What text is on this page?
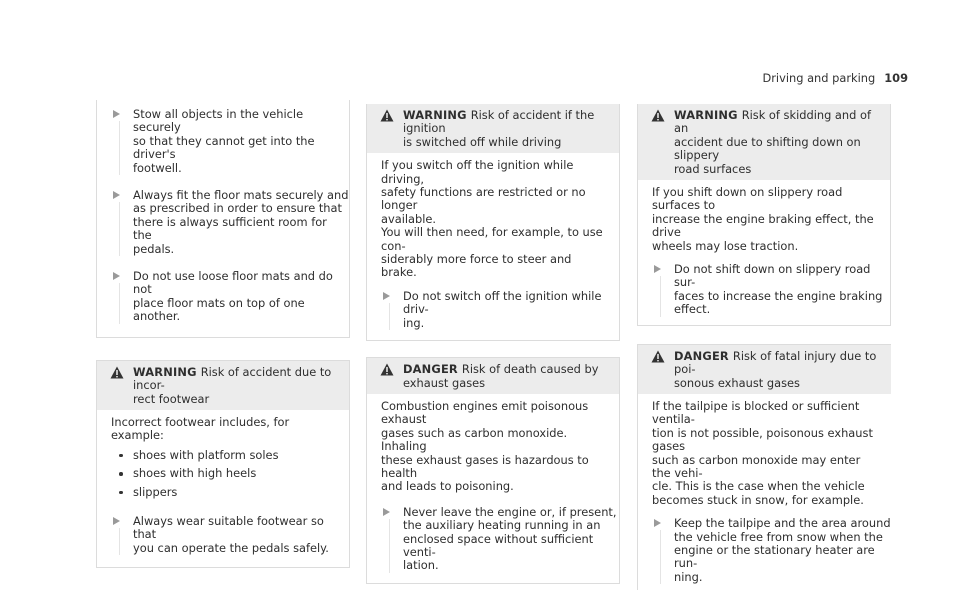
Driving and parking 109

Stow all objects in the vehicle securely

so that they cannot get into the driver's

footwell.

Always fit the floor mats securely and

as prescribed in order to ensure that

there is always sufficient room for the

pedals.

Do not use loose floor mats and do not

place floor mats on top of one another.

WARNING Risk of accident due to incor-

rect footwear

Incorrect footwear includes, for example:

shoes with platform soles

shoes with high heels

slippers

Always wear suitable footwear so that

you can operate the pedals safely.

WARNING Risk of accident if the ignition

is switched off while driving

If you switch off the ignition while driving,

safety functions are restricted or no longer

available.

You will then need, for example, to use con-

siderably more force to steer and brake.

Do not switch off the ignition while driv-

ing.

DANGER Risk of death caused by

exhaust gases

Combustion engines emit poisonous exhaust

gases such as carbon monoxide. Inhaling

these exhaust gases is hazardous to health

and leads to poisoning.

Never leave the engine or, if present,

the auxiliary heating running in an

enclosed space without sufficient venti-

lation.

WARNING Risk of skidding and of an

accident due to shifting down on slippery

road surfaces

If you shift down on slippery road surfaces to

increase the engine braking effect, the drive

wheels may lose traction.

Do not shift down on slippery road sur-

faces to increase the engine braking

effect.

DANGER Risk of fatal injury due to poi-

sonous exhaust gases

If the tailpipe is blocked or sufficient ventila-

tion is not possible, poisonous exhaust gases

such as carbon monoxide may enter the vehi-

cle. This is the case when the vehicle

becomes stuck in snow, for example.

Keep the tailpipe and the area around

the vehicle free from snow when the

engine or the stationary heater are run-

ning.
